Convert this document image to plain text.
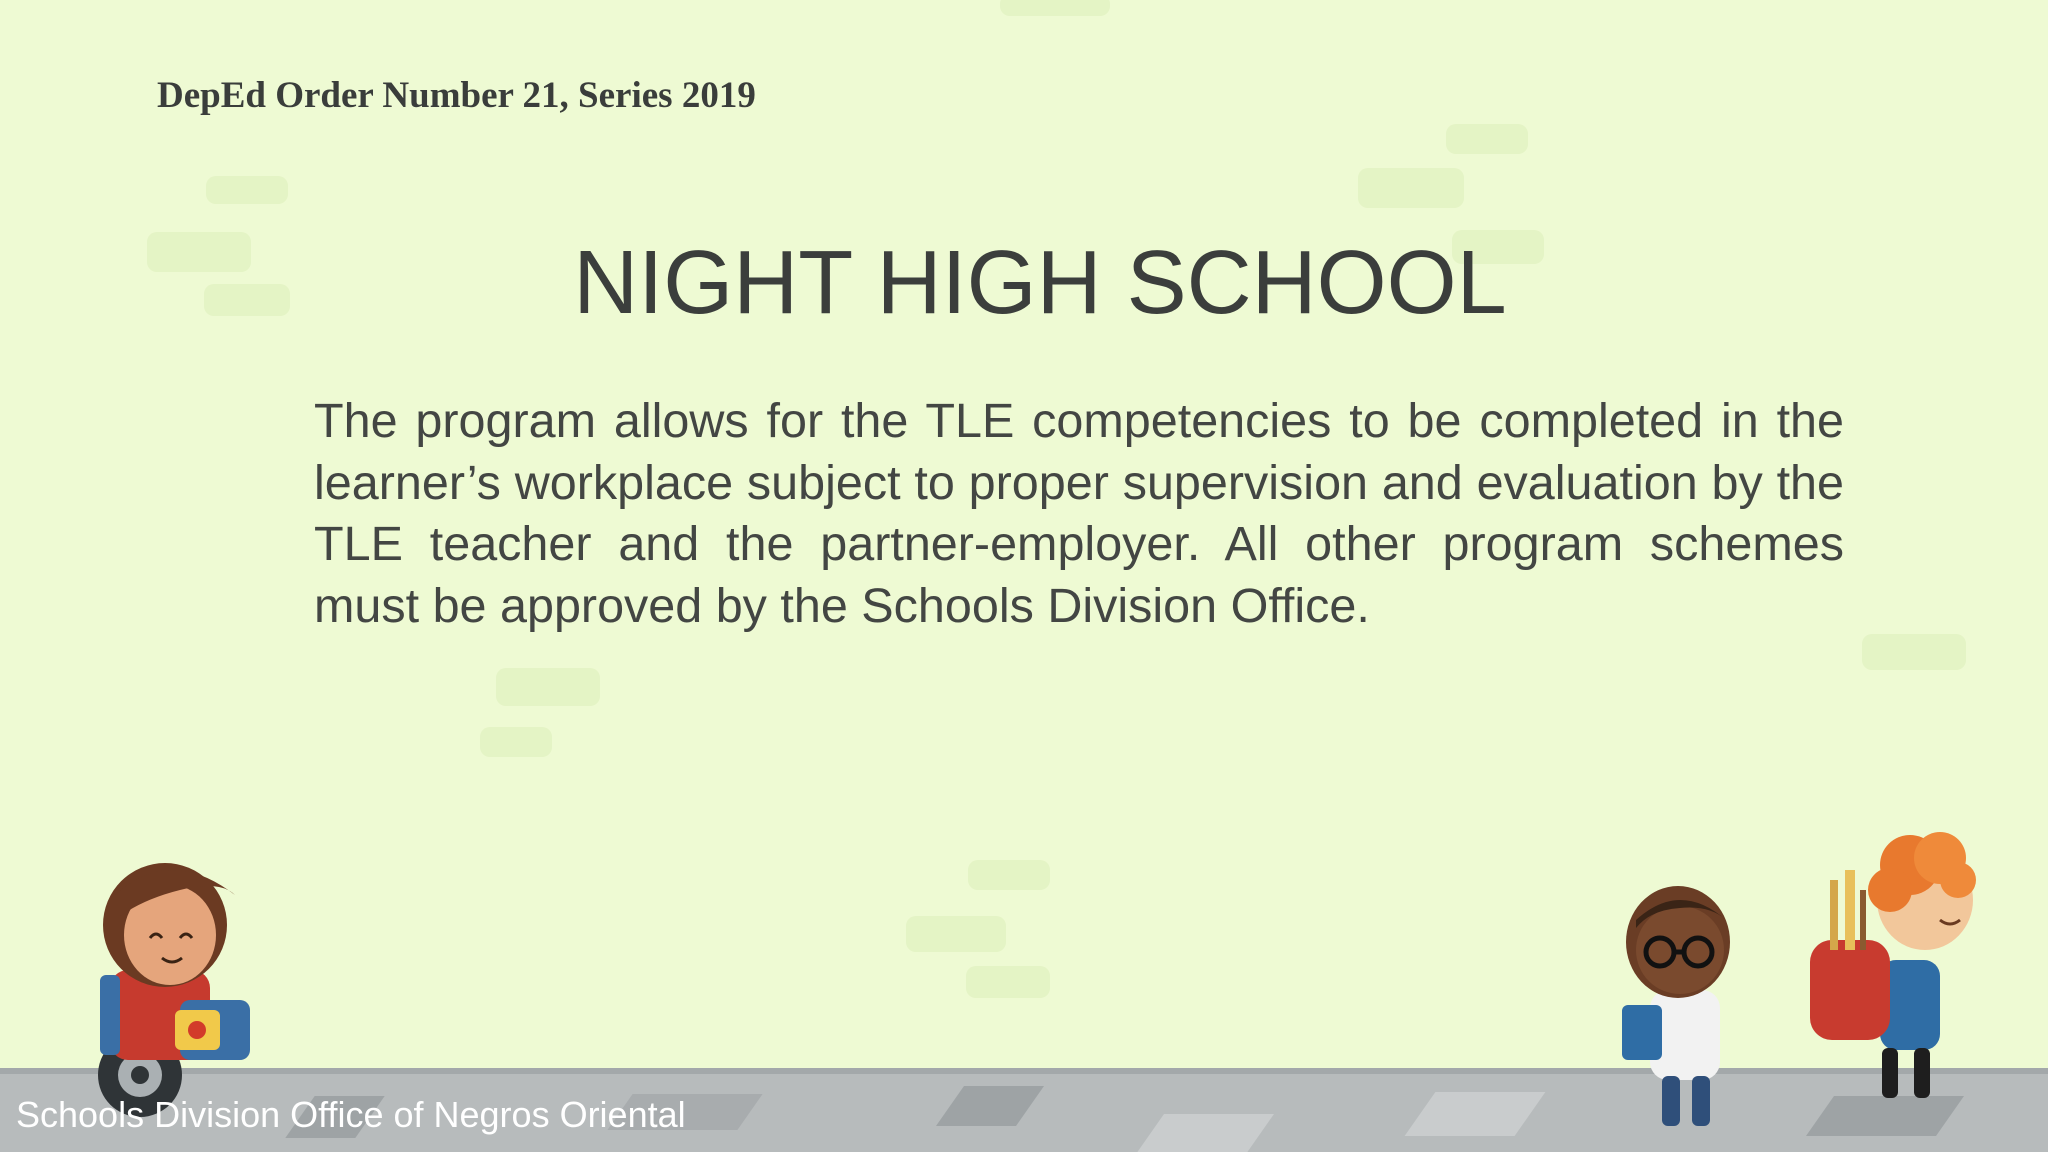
DepEd Order Number 21, Series 2019
NIGHT HIGH SCHOOL
The program allows for the TLE competencies to be completed in the learner’s workplace subject to proper supervision and evaluation by the TLE teacher and the partner-employer. All other program schemes must be approved by the Schools Division Office.
Schools Division Office of Negros Oriental
